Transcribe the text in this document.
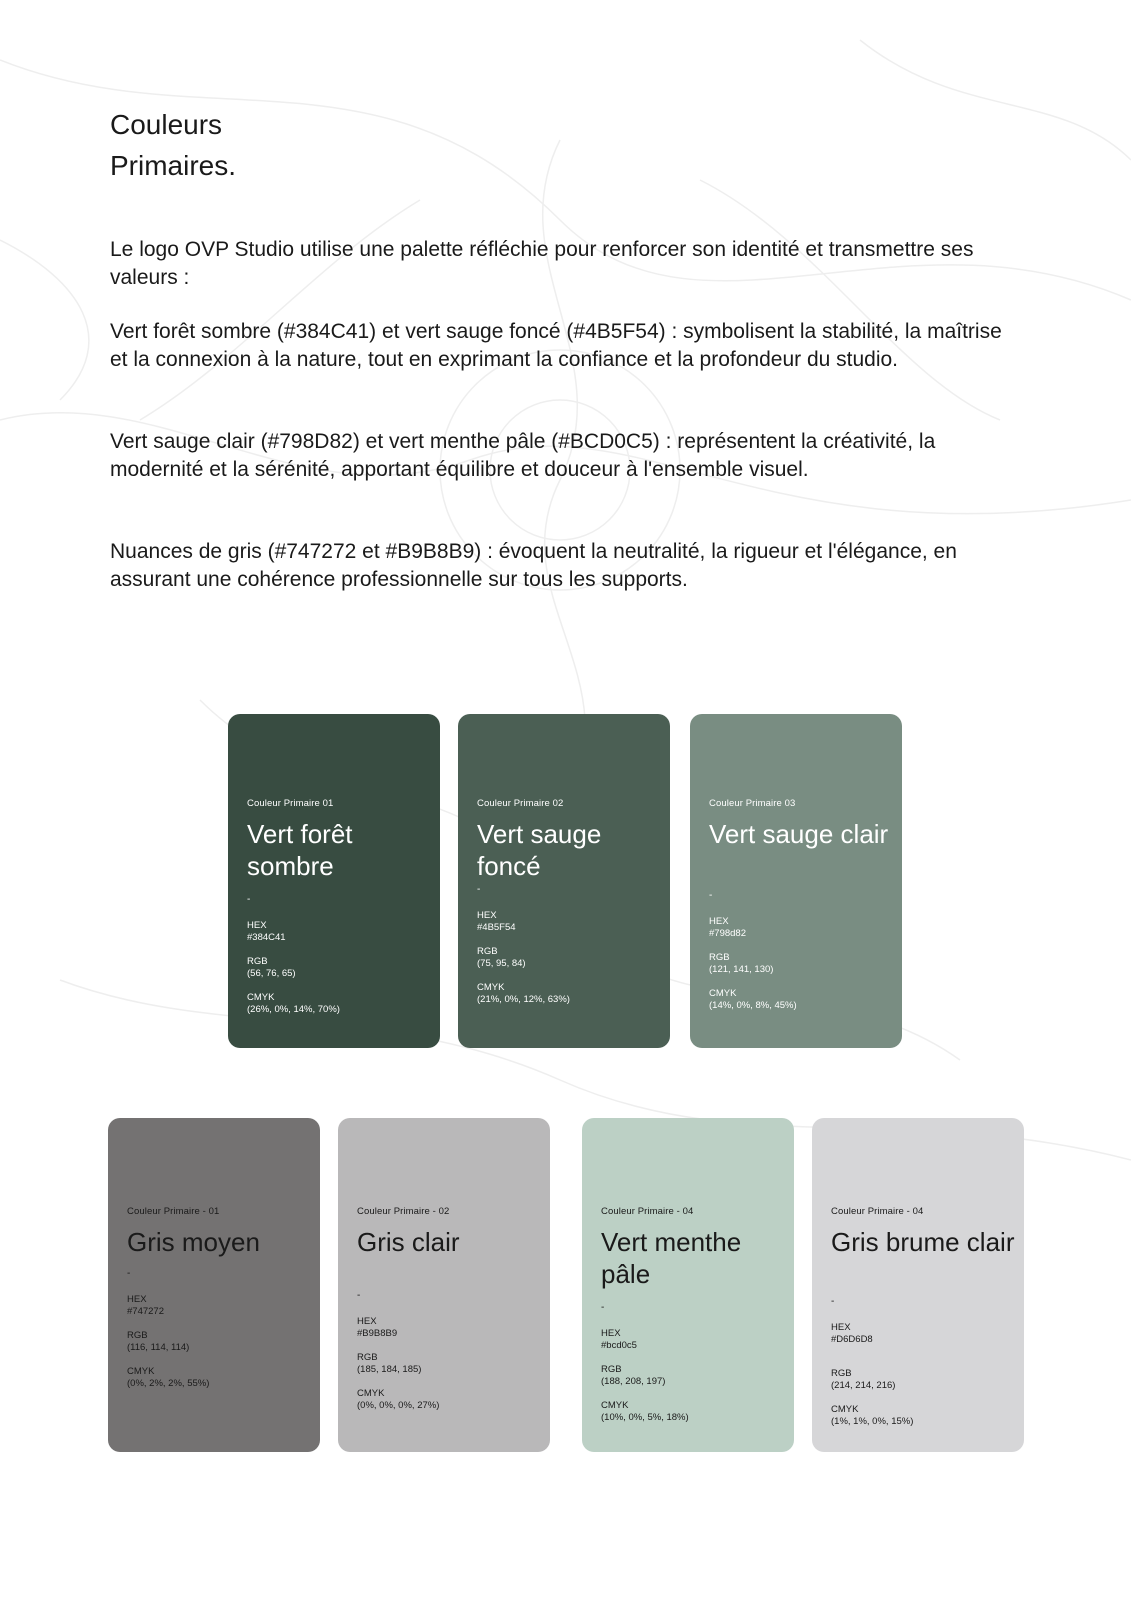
Couleurs
Primaires.

Le logo OVP Studio utilise une palette réfléchie pour renforcer son identité et transmettre ses valeurs :

Vert forêt sombre (#384C41) et vert sauge foncé (#4B5F54) : symbolisent la stabilité, la maîtrise et la connexion à la nature, tout en exprimant la confiance et la profondeur du studio.

Vert sauge clair (#798D82) et vert menthe pâle (#BCD0C5) : représentent la créativité, la modernité et la sérénité, apportant équilibre et douceur à l'ensemble visuel.

Nuances de gris (#747272 et #B9B8B9) : évoquent la neutralité, la rigueur et l'élégance, en assurant une cohérence professionnelle sur tous les supports.

Couleur Primaire 01
Vert forêt sombre
-
HEX
#384C41
RGB
(56, 76, 65)
CMYK
(26%, 0%, 14%, 70%)
Couleur Primaire 02
Vert sauge foncé
-
HEX
#4B5F54
RGB
(75, 95, 84)
CMYK
(21%, 0%, 12%, 63%)
Couleur Primaire 03
Vert sauge clair
-
HEX
#798d82
RGB
(121, 141, 130)
CMYK
(14%, 0%, 8%, 45%)
Couleur Primaire - 01
Gris moyen
-
HEX
#747272
RGB
(116, 114, 114)
CMYK
(0%, 2%, 2%, 55%)
Couleur Primaire - 02
Gris clair
-
HEX
#B9B8B9
RGB
(185, 184, 185)
CMYK
(0%, 0%, 0%, 27%)
Couleur Primaire - 04
Vert menthe pâle
-
HEX
#bcd0c5
RGB
(188, 208, 197)
CMYK
(10%, 0%, 5%, 18%)
Couleur Primaire - 04
Gris brume clair
-
HEX
#D6D6D8
RGB
(214, 214, 216)
CMYK
(1%, 1%, 0%, 15%)
